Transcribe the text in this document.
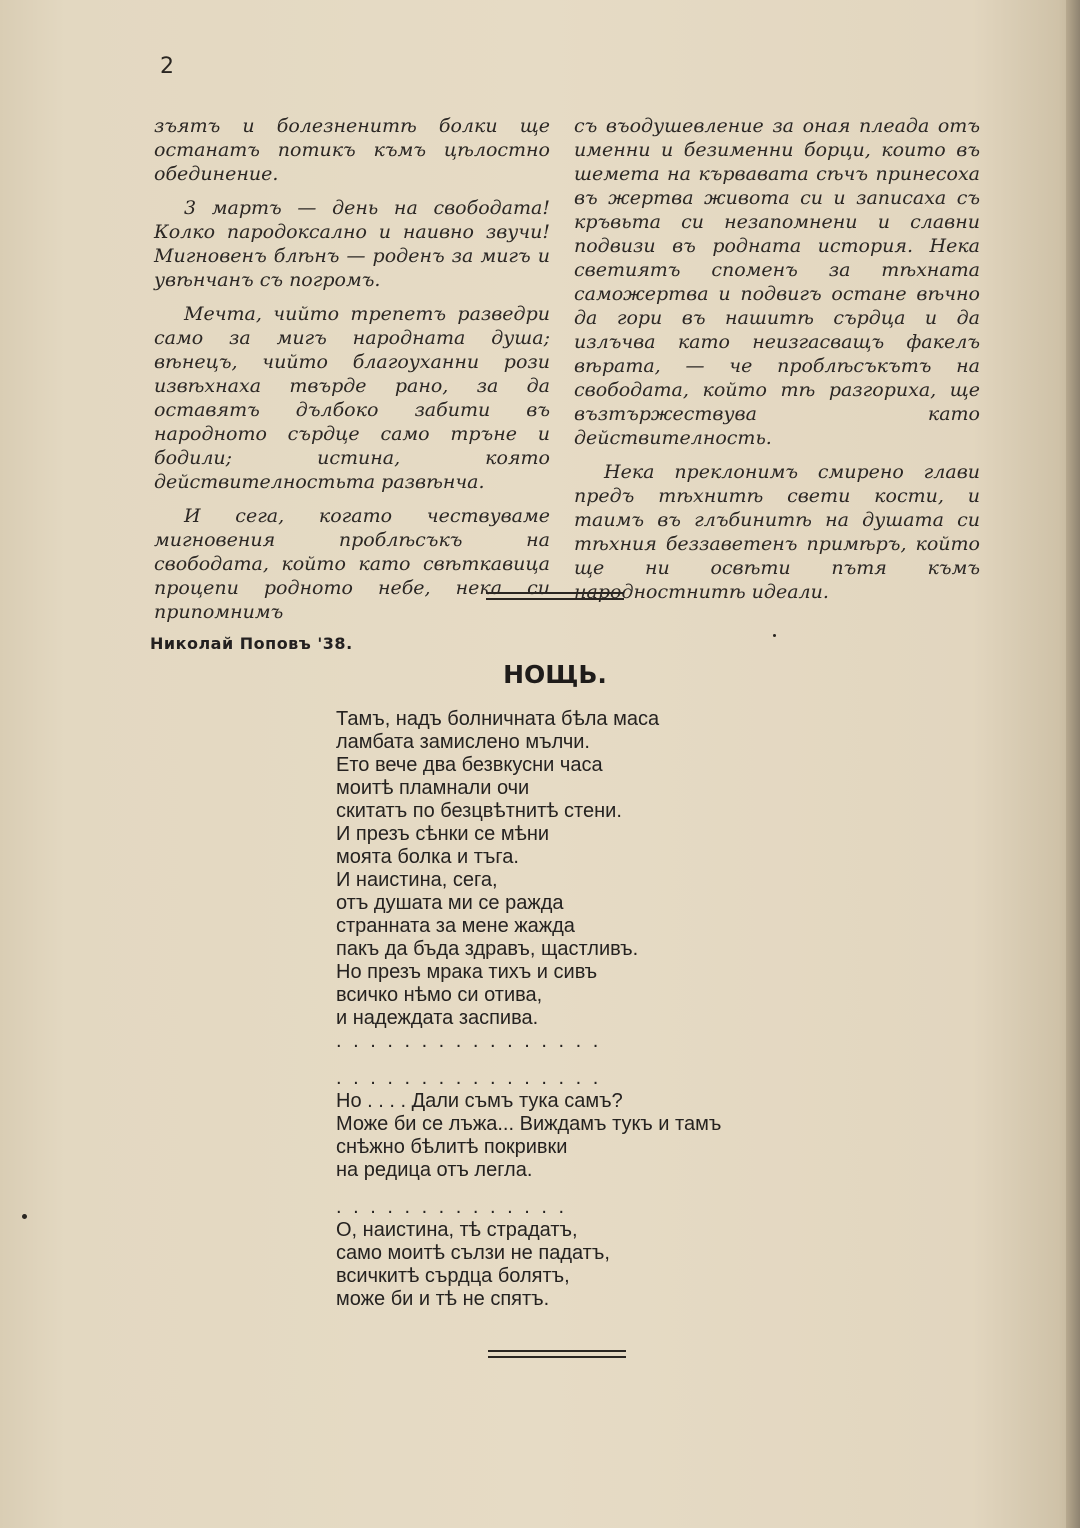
2

зъятъ и болезненитѣ болки ще останатъ потикъ къмъ цѣлостно обединение.

3 мартъ — день на свободата! Колко пародоксално и наивно звучи! Мигновенъ блѣнъ — роденъ за мигъ и увѣнчанъ съ погромъ.

Мечта, чийто трепетъ разведри само за мигъ народната душа; вѣнецъ, чийто благоуханни рози извѣхнаха твърде рано, за да оставятъ дълбоко забити въ народното сърдце само тръне и бодили; истина, която действителностьта развѣнча.

И сега, когато чествуваме мигновения проблѣсъкъ на свободата, който като свѣткавица процепи родното небе, нека си припомнимъ

съ въодушевление за оная плеада отъ именни и безименни борци, които въ шемета на кървавата сѣчъ принесоха въ жертва живота си и записаха съ кръвьта си незапомнени и славни подвизи въ родната история. Нека светиятъ споменъ за тѣхната саможертва и подвигъ остане вѣчно да гори въ нашитѣ сърдца и да излъчва като неизгасващъ факелъ вѣрата, — че проблѣсъкътъ на свободата, който тѣ разгориха, ще възтържествува като действителность.

Нека преклонимъ смирено глави предъ тѣхнитѣ свети кости, и таимъ въ глъбинитѣ на душата си тѣхния беззаветенъ примѣръ, който ще ни освѣти пътя къмъ народностнитѣ идеали.

Николай Поповъ '38.
НОЩЬ.
Тамъ, надъ болничната бѣла маса
ламбата замислено мълчи.
Ето вече два безвкусни часа
моитѣ пламнали очи
скитатъ по безцвѣтнитѣ стени.
И презъ сѣнки се мѣни
моята болка и тъга.
И наистина, сега,
отъ душата ми се ражда
странната за мене жажда
пакъ да бъда здравъ, щастливъ.
Но презъ мрака тихъ и сивъ
всичко нѣмо си отива,
и надеждата заспива.
. . . . . . . . . . . . . . . .
. . . . . . . . . . . . . . . .
Но . . . . Дали съмъ тука самъ?
Може би се лъжа... Виждамъ тукъ и тамъ
снѣжно бѣлитѣ покривки
на редица отъ легла.
. . . . . . . . . . . . . .
О, наистина, тѣ страдатъ,
само моитѣ сълзи не падатъ,
всичкитѣ сърдца болятъ,
може би и тѣ не спятъ.
